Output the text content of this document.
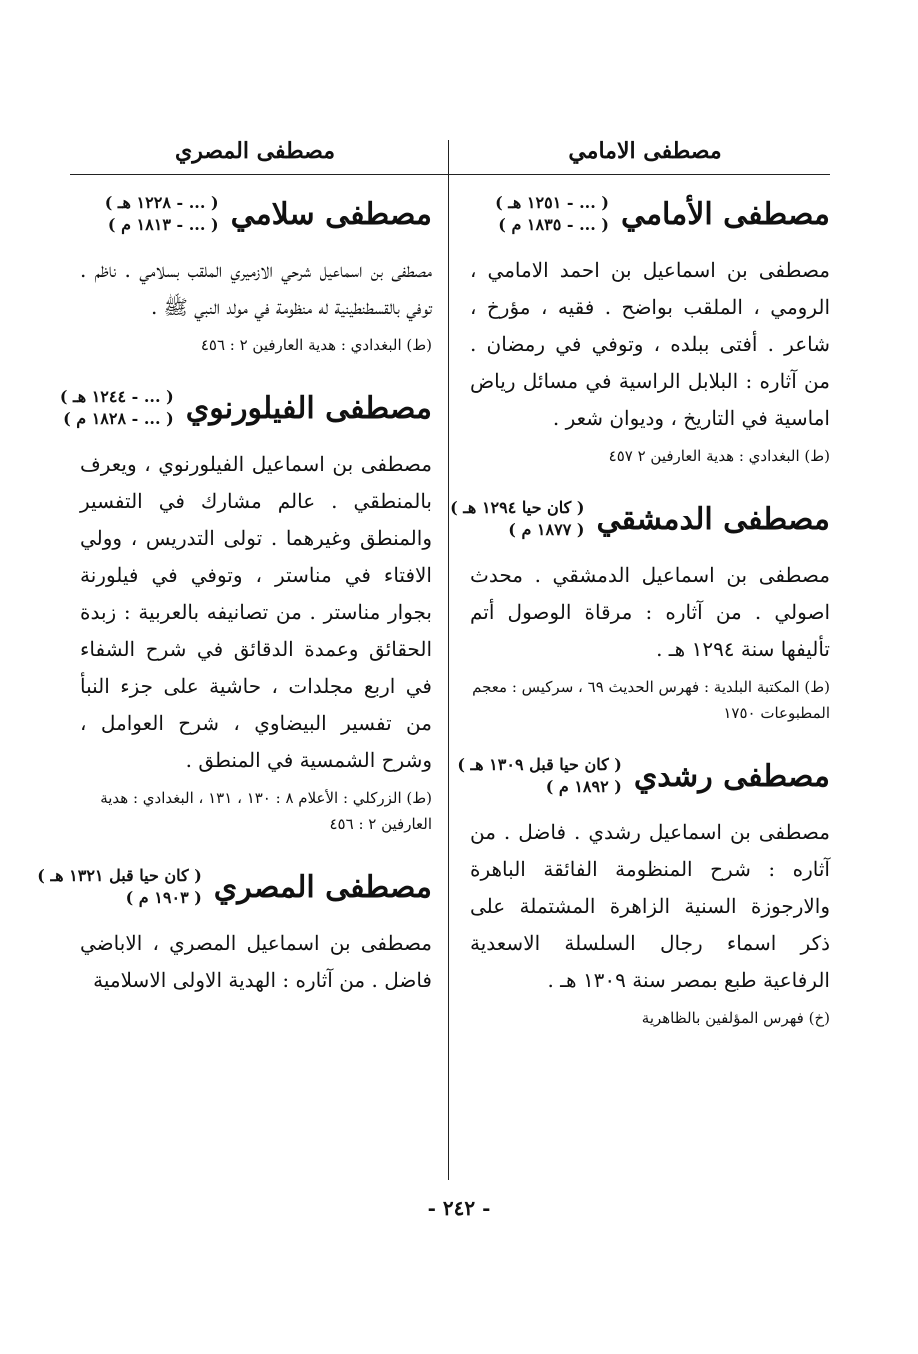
مصطفى الامامي
مصطفى المصري
مصطفى الأمامي
( ... - ١٢٥١ هـ )
( ... - ١٨٣٥ م )
مصطفى بن اسماعيل بن احمد الامامي ، الرومي ، الملقب بواضح . فقيه ، مؤرخ ، شاعر . أفتى ببلده ، وتوفي في رمضان . من آثاره : البلابل الراسية في مسائل رياض اماسية في التاريخ ، وديوان شعر .
(ط) البغدادي : هدية العارفين ٢ ٤٥٧
مصطفى الدمشقي
( كان حيا ١٢٩٤ هـ )
( ١٨٧٧ م )
مصطفى بن اسماعيل الدمشقي . محدث اصولي . من آثاره : مرقاة الوصول أتم تأليفها سنة ١٢٩٤ هـ .
(ط) المكتبة البلدية : فهرس الحديث ٦٩ ، سركيس : معجم المطبوعات ١٧٥٠
مصطفى رشدي
( كان حيا قبل ١٣٠٩ هـ )
( ١٨٩٢ م )
مصطفى بن اسماعيل رشدي . فاضل . من آثاره : شرح المنظومة الفائقة الباهرة والارجوزة السنية الزاهرة المشتملة على ذكر اسماء رجال السلسلة الاسعدية الرفاعية طبع بمصر سنة ١٣٠٩ هـ .
(خ) فهرس المؤلفين بالظاهرية
مصطفى سلامي
( ... - ١٢٢٨ هـ )
( ... - ١٨١٣ م )
مصطفى بن اسماعيل شرحي الازميري الملقب بسلامي . ناظم . توفي بالقسطنطينية له منظومة في مولد النبي ﷺ .
(ط) البغدادي : هدية العارفين ٢ : ٤٥٦
مصطفى الفيلورنوي
( ... - ١٢٤٤ هـ )
( ... - ١٨٢٨ م )
مصطفى بن اسماعيل الفيلورنوي ، ويعرف بالمنطقي . عالم مشارك في التفسير والمنطق وغيرهما . تولى التدريس ، وولي الافتاء في مناستر ، وتوفي في فيلورنة بجوار مناستر . من تصانيفه بالعربية : زبدة الحقائق وعمدة الدقائق في شرح الشفاء في اربع مجلدات ، حاشية على جزء النبأ من تفسير البيضاوي ، شرح العوامل ، وشرح الشمسية في المنطق .
(ط) الزركلي : الأعلام ٨ : ١٣٠ ، ١٣١ ، البغدادي : هدية العارفين ٢ : ٤٥٦
مصطفى المصري
( كان حيا قبل ١٣٢١ هـ )
( ١٩٠٣ م )
مصطفى بن اسماعيل المصري ، الاباضي فاضل . من آثاره : الهدية الاولى الاسلامية
- ٢٤٢ -
